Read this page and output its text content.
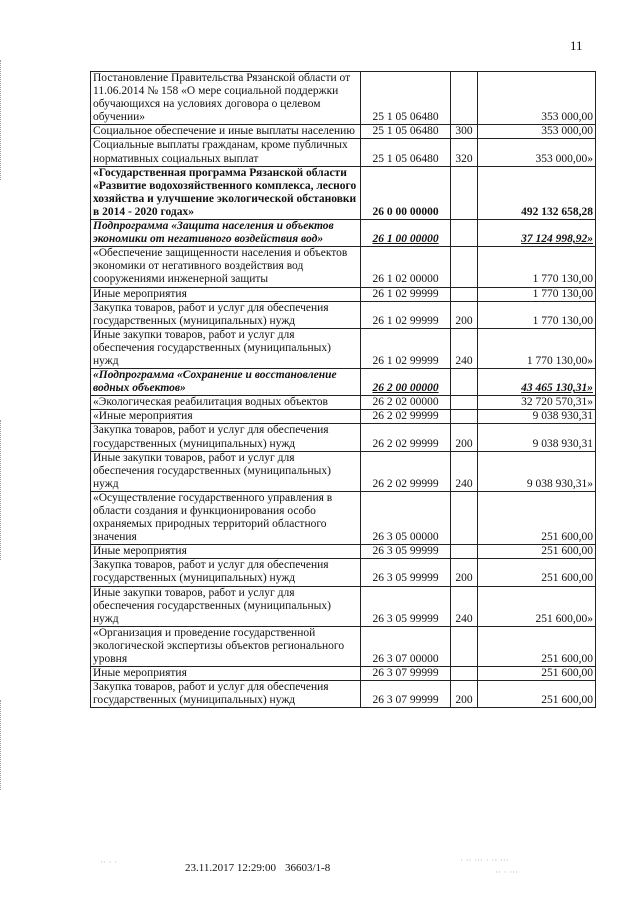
11
Постановление Правительства Рязанской области от 11.06.2014 № 158 «О мере социальной поддержки обучающихся на условиях договора о целевом обучении»	25 1 05 06480		353 000,00
Социальное обеспечение и иные выплаты населению	25 1 05 06480	300	353 000,00
Социальные выплаты гражданам, кроме публичных нормативных социальных выплат	25 1 05 06480	320	353 000,00»
«Государственная программа Рязанской области «Развитие водохозяйственного комплекса, лесного хозяйства и улучшение экологической обстановки в 2014 - 2020 годах»	26 0 00 00000		492 132 658,28
Подпрограмма «Защита населения и объектов экономики от негативного воздействия вод»	26 1 00 00000		37 124 998,92»
«Обеспечение защищенности населения и объектов экономики от негативного воздействия вод сооружениями инженерной защиты	26 1 02 00000		1 770 130,00
Иные мероприятия	26 1 02 99999		1 770 130,00
Закупка товаров, работ и услуг для обеспечения государственных (муниципальных) нужд	26 1 02 99999	200	1 770 130,00
Иные закупки товаров, работ и услуг для обеспечения государственных (муниципальных) нужд	26 1 02 99999	240	1 770 130,00»
«Подпрограмма «Сохранение и восстановление водных объектов»	26 2 00 00000		43 465 130,31»
«Экологическая реабилитация водных объектов	26 2 02 00000		32 720 570,31»
«Иные мероприятия	26 2 02 99999		9 038 930,31
Закупка товаров, работ и услуг для обеспечения государственных (муниципальных) нужд	26 2 02 99999	200	9 038 930,31
Иные закупки товаров, работ и услуг для обеспечения государственных (муниципальных) нужд	26 2 02 99999	240	9 038 930,31»
«Осуществление государственного управления в области создания и функционирования особо охраняемых природных территорий областного значения	26 3 05 00000		251 600,00
Иные мероприятия	26 3 05 99999		251 600,00
Закупка товаров, работ и услуг для обеспечения государственных (муниципальных) нужд	26 3 05 99999	200	251 600,00
Иные закупки товаров, работ и услуг для обеспечения государственных (муниципальных) нужд	26 3 05 99999	240	251 600,00»
«Организация и проведение государственной экологической экспертизы объектов регионального уровня	26 3 07 00000		251 600,00
Иные мероприятия	26 3 07 99999		251 600,00
Закупка товаров, работ и услуг для обеспечения государственных (муниципальных) нужд	26 3 07 99999	200	251 600,00
23.11.2017 12:29:00 36603/1-8
·· · ·	· ·· ··· · ·· ···
·· · ···
